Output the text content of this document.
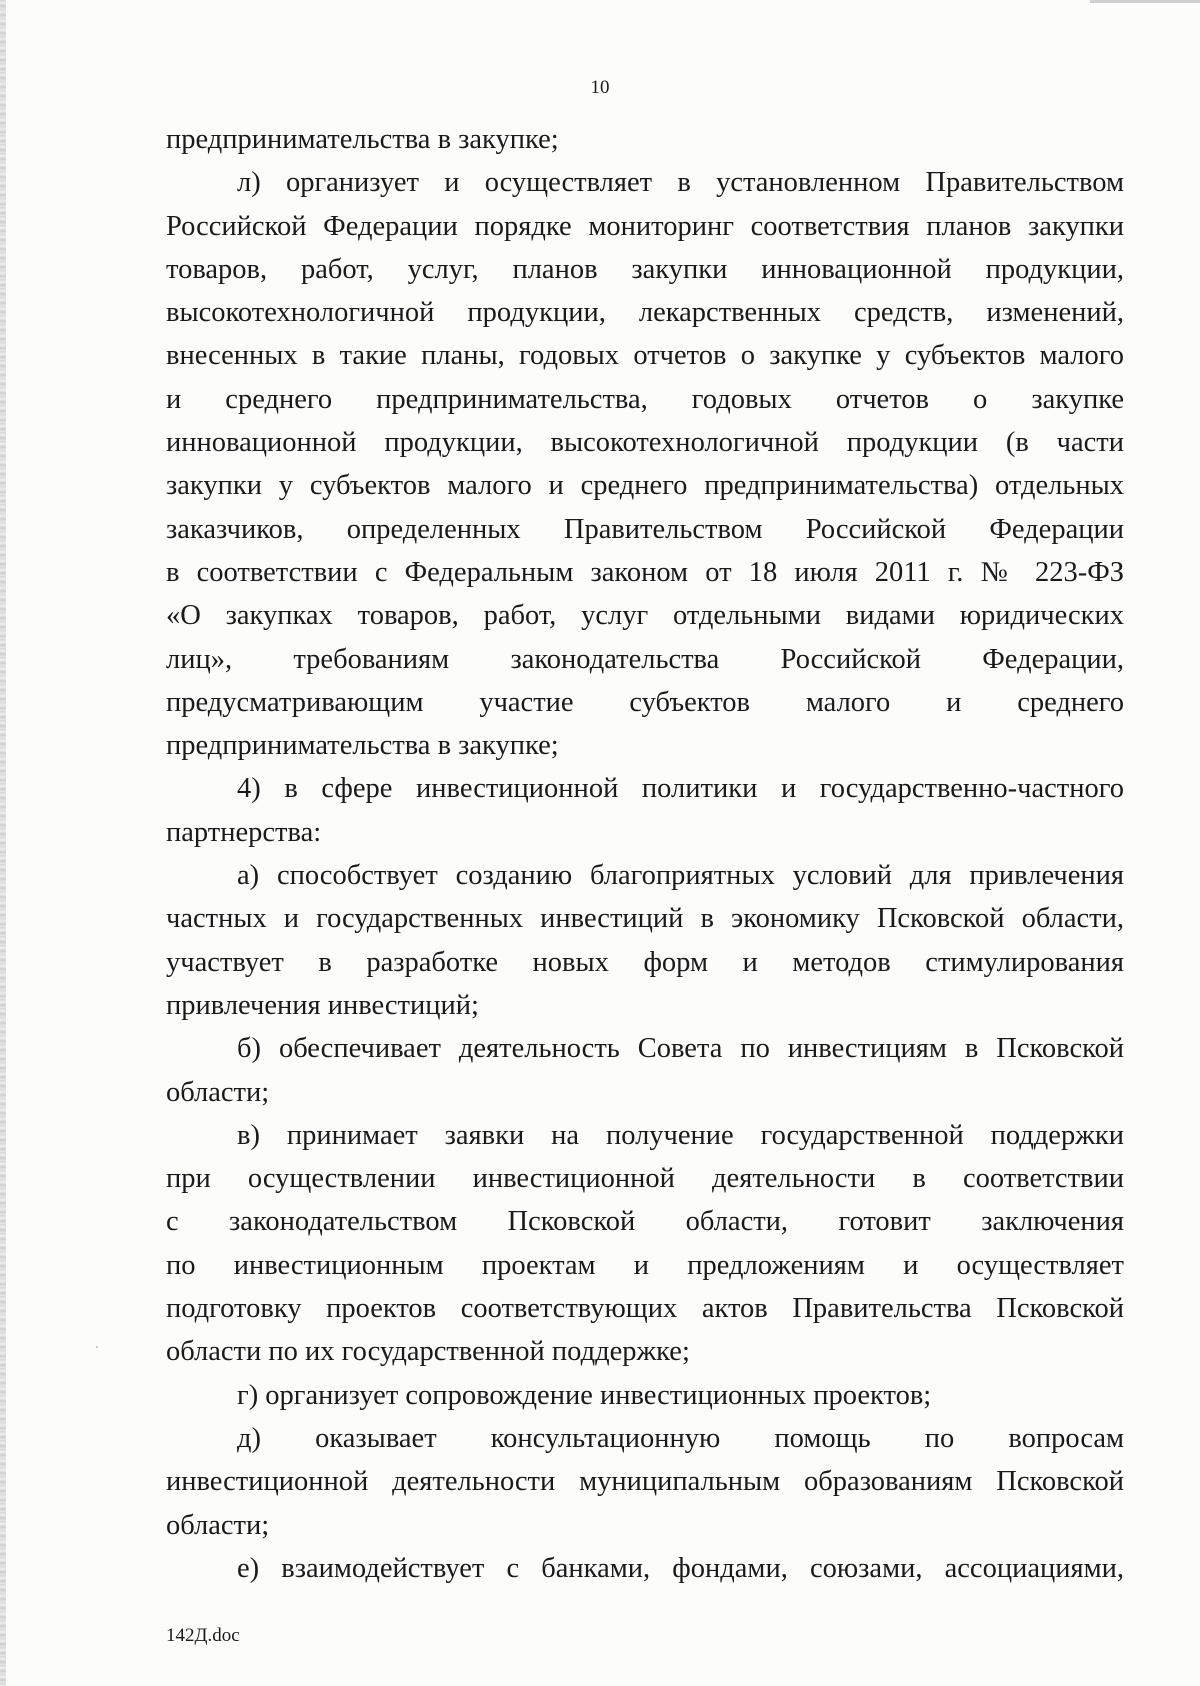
10
предпринимательства в закупке;
л) организует и осуществляет в установленном Правительством
Российской Федерации порядке мониторинг соответствия планов закупки
товаров, работ, услуг, планов закупки инновационной продукции,
высокотехнологичной продукции, лекарственных средств, изменений,
внесенных в такие планы, годовых отчетов о закупке у субъектов малого
и среднего предпринимательства, годовых отчетов о закупке
инновационной продукции, высокотехнологичной продукции (в части
закупки у субъектов малого и среднего предпринимательства) отдельных
заказчиков, определенных Правительством Российской Федерации
в соответствии с Федеральным законом от 18 июля 2011 г. № 223-ФЗ
«О закупках товаров, работ, услуг отдельными видами юридических
лиц», требованиям законодательства Российской Федерации,
предусматривающим участие субъектов малого и среднего
предпринимательства в закупке;
4) в сфере инвестиционной политики и государственно-частного
партнерства:
а) способствует созданию благоприятных условий для привлечения
частных и государственных инвестиций в экономику Псковской области,
участвует в разработке новых форм и методов стимулирования
привлечения инвестиций;
б) обеспечивает деятельность Совета по инвестициям в Псковской
области;
в) принимает заявки на получение государственной поддержки
при осуществлении инвестиционной деятельности в соответствии
с законодательством Псковской области, готовит заключения
по инвестиционным проектам и предложениям и осуществляет
подготовку проектов соответствующих актов Правительства Псковской
области по их государственной поддержке;
г) организует сопровождение инвестиционных проектов;
д) оказывает консультационную помощь по вопросам
инвестиционной деятельности муниципальным образованиям Псковской
области;
е) взаимодействует с банками, фондами, союзами, ассоциациями,
142Д.doc
